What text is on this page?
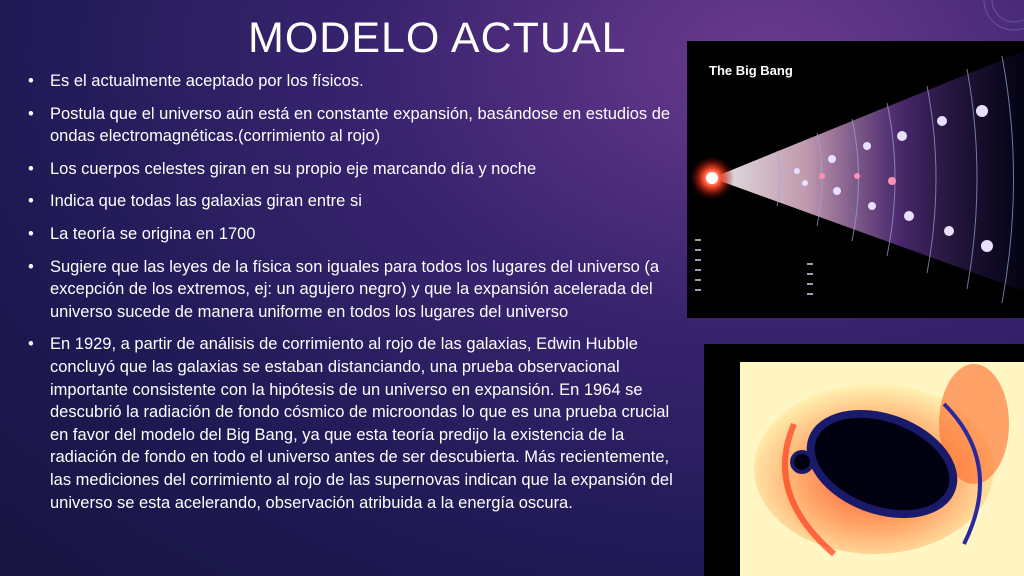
MODELO ACTUAL
• Es el actualmente aceptado por los físicos.
• Postula que el universo aún está en constante expansión, basándose en estudios de ondas electromagnéticas.(corrimiento al rojo)
• Los cuerpos celestes giran en su propio eje marcando día y noche
• Indica que todas las galaxias giran entre si
• La teoría se origina en 1700
• Sugiere que las leyes de la física son iguales para todos los lugares del universo (a excepción de los extremos, ej: un agujero negro) y que la expansión acelerada del universo sucede de manera uniforme en todos los lugares del universo
• En 1929, a partir de análisis de corrimiento al rojo de las galaxias, Edwin Hubble concluyó que las galaxias se estaban distanciando, una prueba observacional importante consistente con la hipótesis de un universo en expansión. En 1964 se descubrió la radiación de fondo cósmico de microondas lo que es una prueba crucial en favor del modelo del Big Bang, ya que esta teoría predijo la existencia de la radiación de fondo en todo el universo antes de ser descubierta. Más recientemente, las mediciones del corrimiento al rojo de las supernovas indican que la expansión del universo se esta acelerando, observación atribuida a la energía oscura.
The Big Bang
